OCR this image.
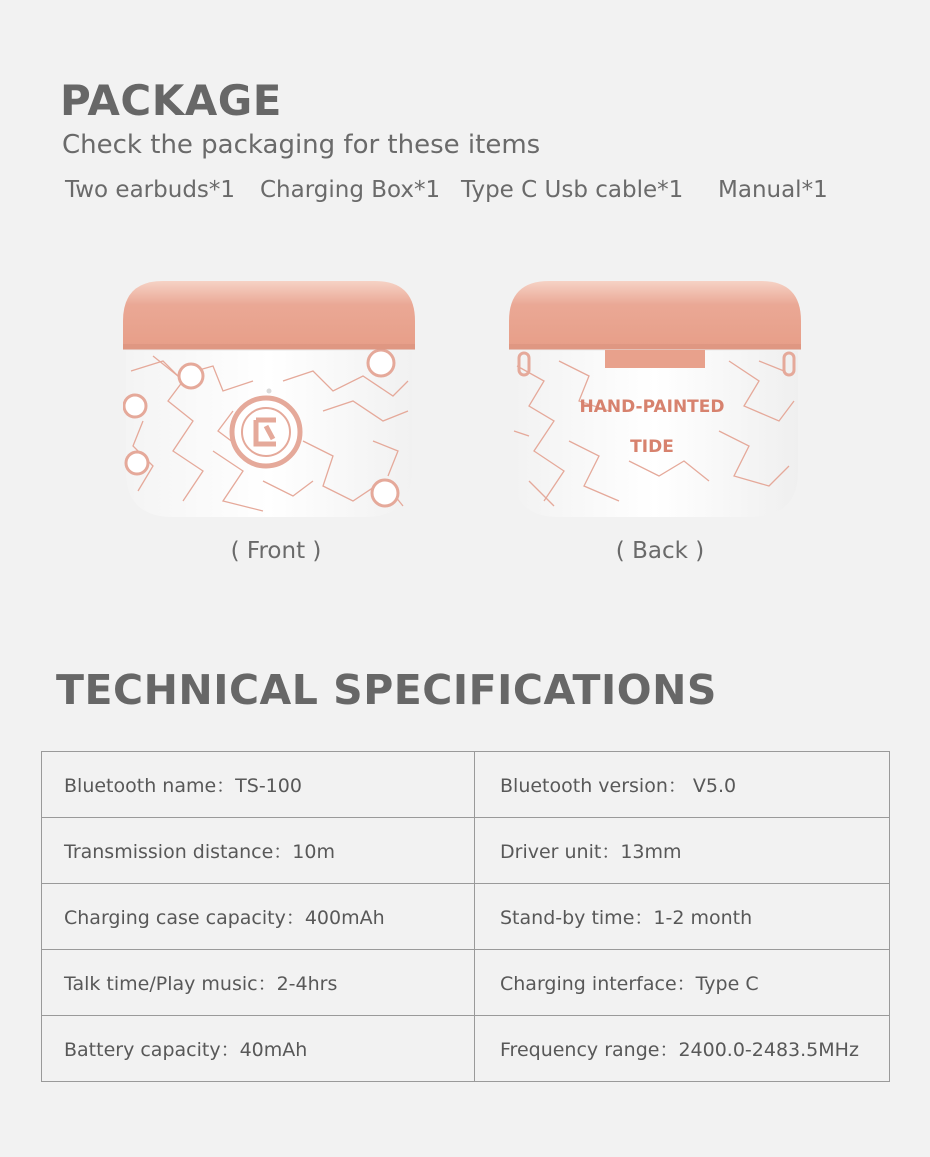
PACKAGE
Check the packaging for these items
Two earbuds*1 Charging Box*1 Type C Usb cable*1 Manual*1
HAND-PAINTED
TIDE
( Front )	( Back )
TECHNICAL SPECIFICATIONS
Bluetooth name：TS-100	Bluetooth version： V5.0
Transmission distance：10m	Driver unit：13mm
Charging case capacity：400mAh	Stand-by time：1-2 month
Talk time/Play music：2-4hrs	Charging interface：Type C
Battery capacity：40mAh	Frequency range：2400.0-2483.5MHz
